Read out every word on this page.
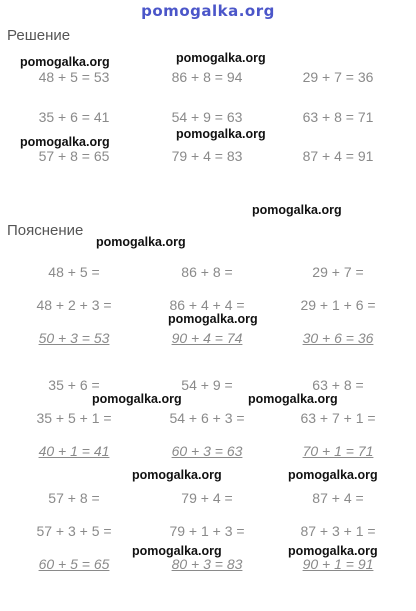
pomogalka.org
Решение
48 + 5 = 53	86 + 8 = 94	29 + 7 = 36
35 + 6 = 41	54 + 9 = 63	63 + 8 = 71
57 + 8 = 65	79 + 4 = 83	87 + 4 = 91
Пояснение
48 + 5 =	86 + 8 =	29 + 7 =
48 + 2 + 3 =	86 + 4 + 4 =	29 + 1 + 6 =
50 + 3 = 53	90 + 4 = 74	30 + 6 = 36
35 + 6 =	54 + 9 =	63 + 8 =
35 + 5 + 1 =	54 + 6 + 3 =	63 + 7 + 1 =
40 + 1 = 41	60 + 3 = 63	70 + 1 = 71
57 + 8 =	79 + 4 =	87 + 4 =
57 + 3 + 5 =	79 + 1 + 3 =	87 + 3 + 1 =
60 + 5 = 65	80 + 3 = 83	90 + 1 = 91
pomogalka.org	pomogalka.org
pomogalka.org
pomogalka.org
pomogalka.org
pomogalka.org
pomogalka.org
pomogalka.org	pomogalka.org
pomogalka.org	pomogalka.org
pomogalka.org	pomogalka.org
